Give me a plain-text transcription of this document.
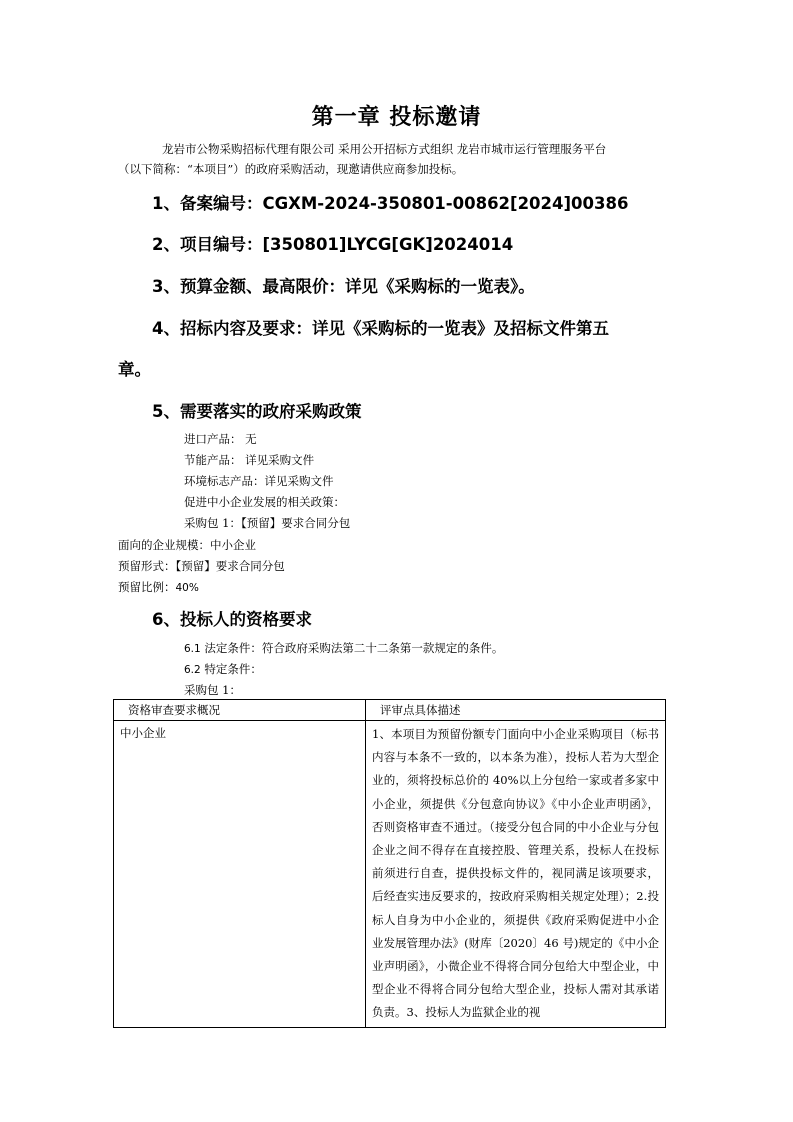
第一章 投标邀请
龙岩市公物采购招标代理有限公司 采用公开招标方式组织 龙岩市城市运行管理服务平台
（以下简称：“本项目”）的政府采购活动，现邀请供应商参加投标。
1、备案编号：CGXM-2024-350801-00862[2024]00386
2、项目编号：[350801]LYCG[GK]2024014
3、预算金额、最高限价：详见《采购标的一览表》。
4、招标内容及要求：详见《采购标的一览表》及招标文件第五
章。
5、需要落实的政府采购政策
进口产品： 无
节能产品： 详见采购文件
环境标志产品：详见采购文件
促进中小企业发展的相关政策：
采购包 1：【预留】要求合同分包
面向的企业规模：中小企业
预留形式：【预留】要求合同分包
预留比例：40%
6、投标人的资格要求
6.1 法定条件：符合政府采购法第二十二条第一款规定的条件。
6.2 特定条件：
采购包 1：
资格审查要求概况	评审点具体描述
中小企业	1、本项目为预留份额专门面向中小企业采购项目（标书内容与本条不一致的，以本条为准），投标人若为大型企业的，须将投标总价的 40%以上分包给一家或者多家中小企业，须提供《分包意向协议》《中小企业声明函》，否则资格审查不通过。（接受分包合同的中小企业与分包企业之间不得存在直接控股、管理关系，投标人在投标前须进行自查，提供投标文件的，视同满足该项要求，后经查实违反要求的，按政府采购相关规定处理）；2.投标人自身为中小企业的，须提供《政府采购促进中小企业发展管理办法》(财库〔2020〕46 号)规定的《中小企业声明函》，小微企业不得将合同分包给大中型企业，中型企业不得将合同分包给大型企业，投标人需对其承诺负责。3、投标人为监狱企业的视
